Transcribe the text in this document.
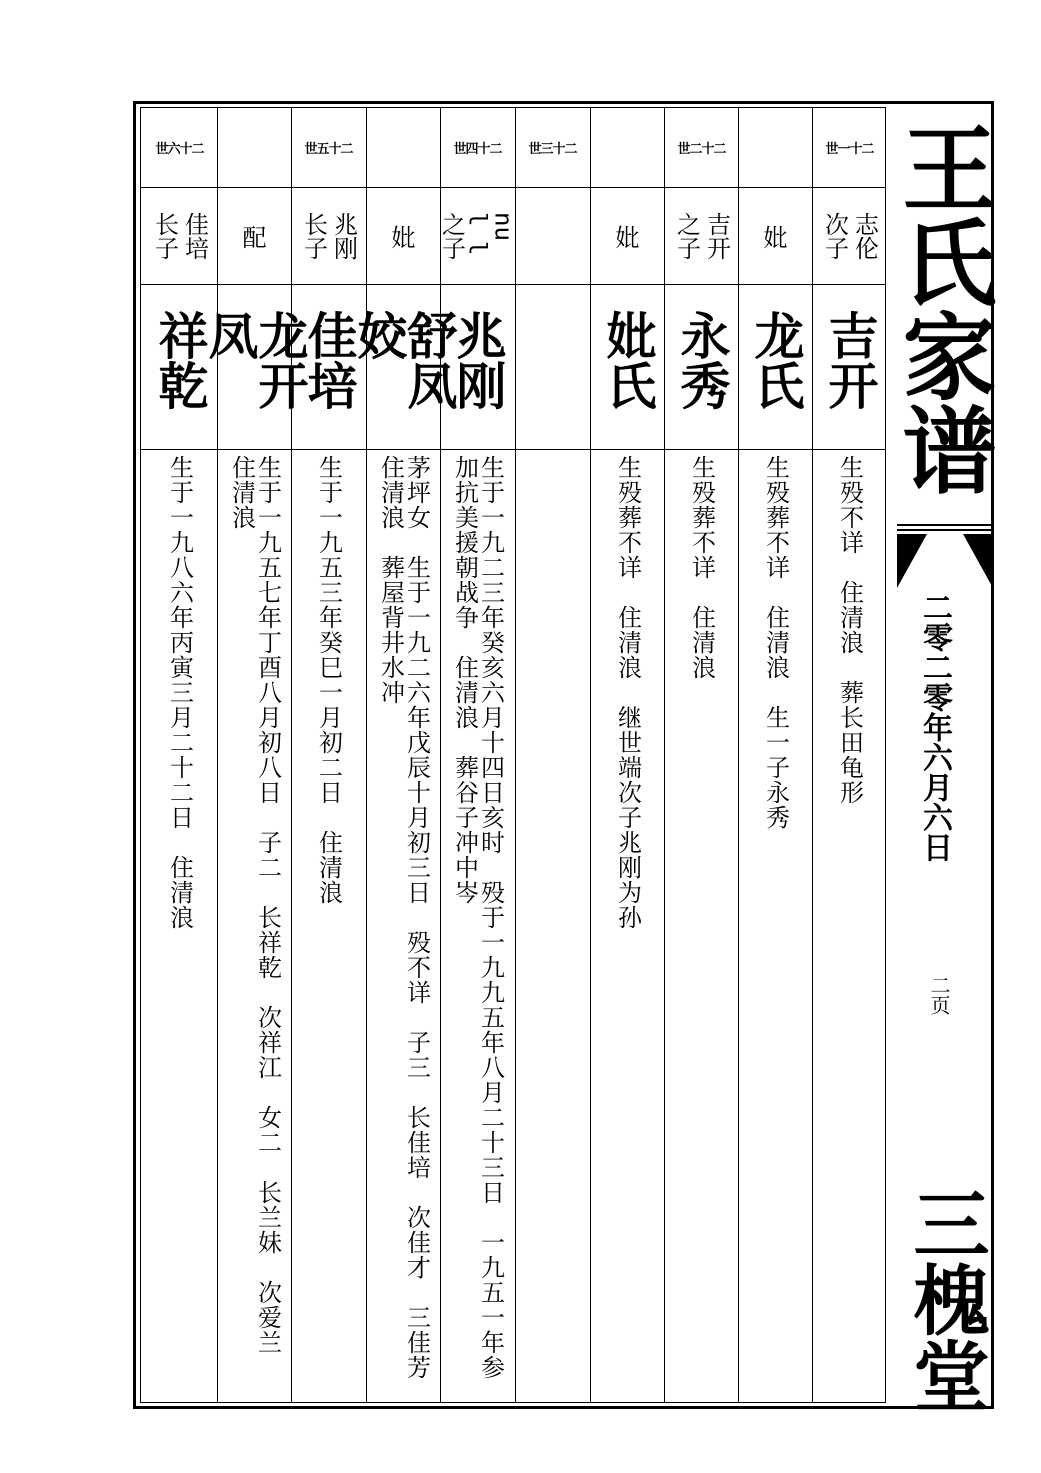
世一十二
志伦
次子
吉开
生殁不详　住清浪　葬长田龟形
妣
龙氏
生殁葬不详　住清浪　生一子永秀
世二十二
吉开
之子
永秀
生殁葬不详　住清浪
妣
妣氏
生殁葬不详　住清浪　继世端次子兆刚为孙
世三十二
世四十二
nu
l l
之子
兆刚
生于一九二三年癸亥六月十四日亥时　殁于一九九五年八月二十三日　一九五一年参加抗美援朝战争　住清浪　葬谷子冲中岑
妣
舒凤姣
茅坪女　生于一九二六年戊辰十月初三日　殁不详　子三　长佳培　次佳才　三佳芳　住清浪　葬屋背井水冲
世五十二
兆刚
长子
佳培
生于一九五三年癸巳一月初二日　住清浪
配
龙开凤
生于一九五七年丁酉八月初八日　子二　长祥乾　次祥江　女二　长兰妹　次爱兰　住清浪
世六十二
佳培
长子
祥乾
生于一九八六年丙寅三月二十二日　住清浪
王氏家谱
二零二零年六月六日
二页
三槐堂
